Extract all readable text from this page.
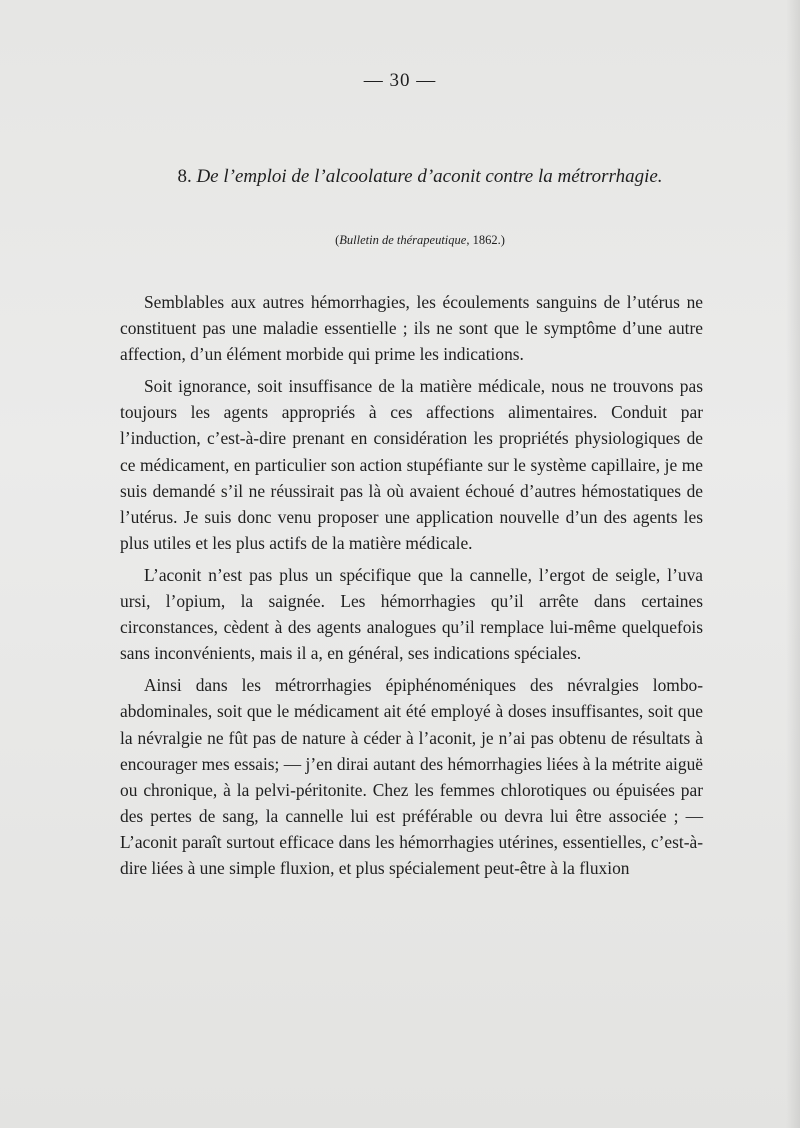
— 30 —
8. De l’emploi de l’alcoolature d’aconit contre la métrorrhagie.
(Bulletin de thérapeutique, 1862.)

Semblables aux autres hémorrhagies, les écoulements sanguins de l’utérus ne constituent pas une maladie essentielle ; ils ne sont que le symptôme d’une autre affection, d’un élément morbide qui prime les indications.

Soit ignorance, soit insuffisance de la matière médicale, nous ne trouvons pas toujours les agents appropriés à ces affections alimentaires. Conduit par l’induction, c’est-à-dire prenant en considération les propriétés physiologiques de ce médicament, en particulier son action stupéfiante sur le système capillaire, je me suis demandé s’il ne réussirait pas là où avaient échoué d’autres hémostatiques de l’utérus. Je suis donc venu proposer une application nouvelle d’un des agents les plus utiles et les plus actifs de la matière médicale.

L’aconit n’est pas plus un spécifique que la cannelle, l’ergot de seigle, l’uva ursi, l’opium, la saignée. Les hémorrhagies qu’il arrête dans certaines circonstances, cèdent à des agents analogues qu’il remplace lui-même quelquefois sans inconvénients, mais il a, en général, ses indications spéciales.

Ainsi dans les métrorrhagies épiphénoméniques des névralgies lombo-abdominales, soit que le médicament ait été employé à doses insuffisantes, soit que la névralgie ne fût pas de nature à céder à l’aconit, je n’ai pas obtenu de résultats à encourager mes essais; — j’en dirai autant des hémorrhagies liées à la métrite aiguë ou chronique, à la pelvi-péritonite. Chez les femmes chlorotiques ou épuisées par des pertes de sang, la cannelle lui est préférable ou devra lui être associée ; — L’aconit paraît surtout efficace dans les hémorrhagies utérines, essentielles, c’est-à-dire liées à une simple fluxion, et plus spécialement peut-être à la fluxion
